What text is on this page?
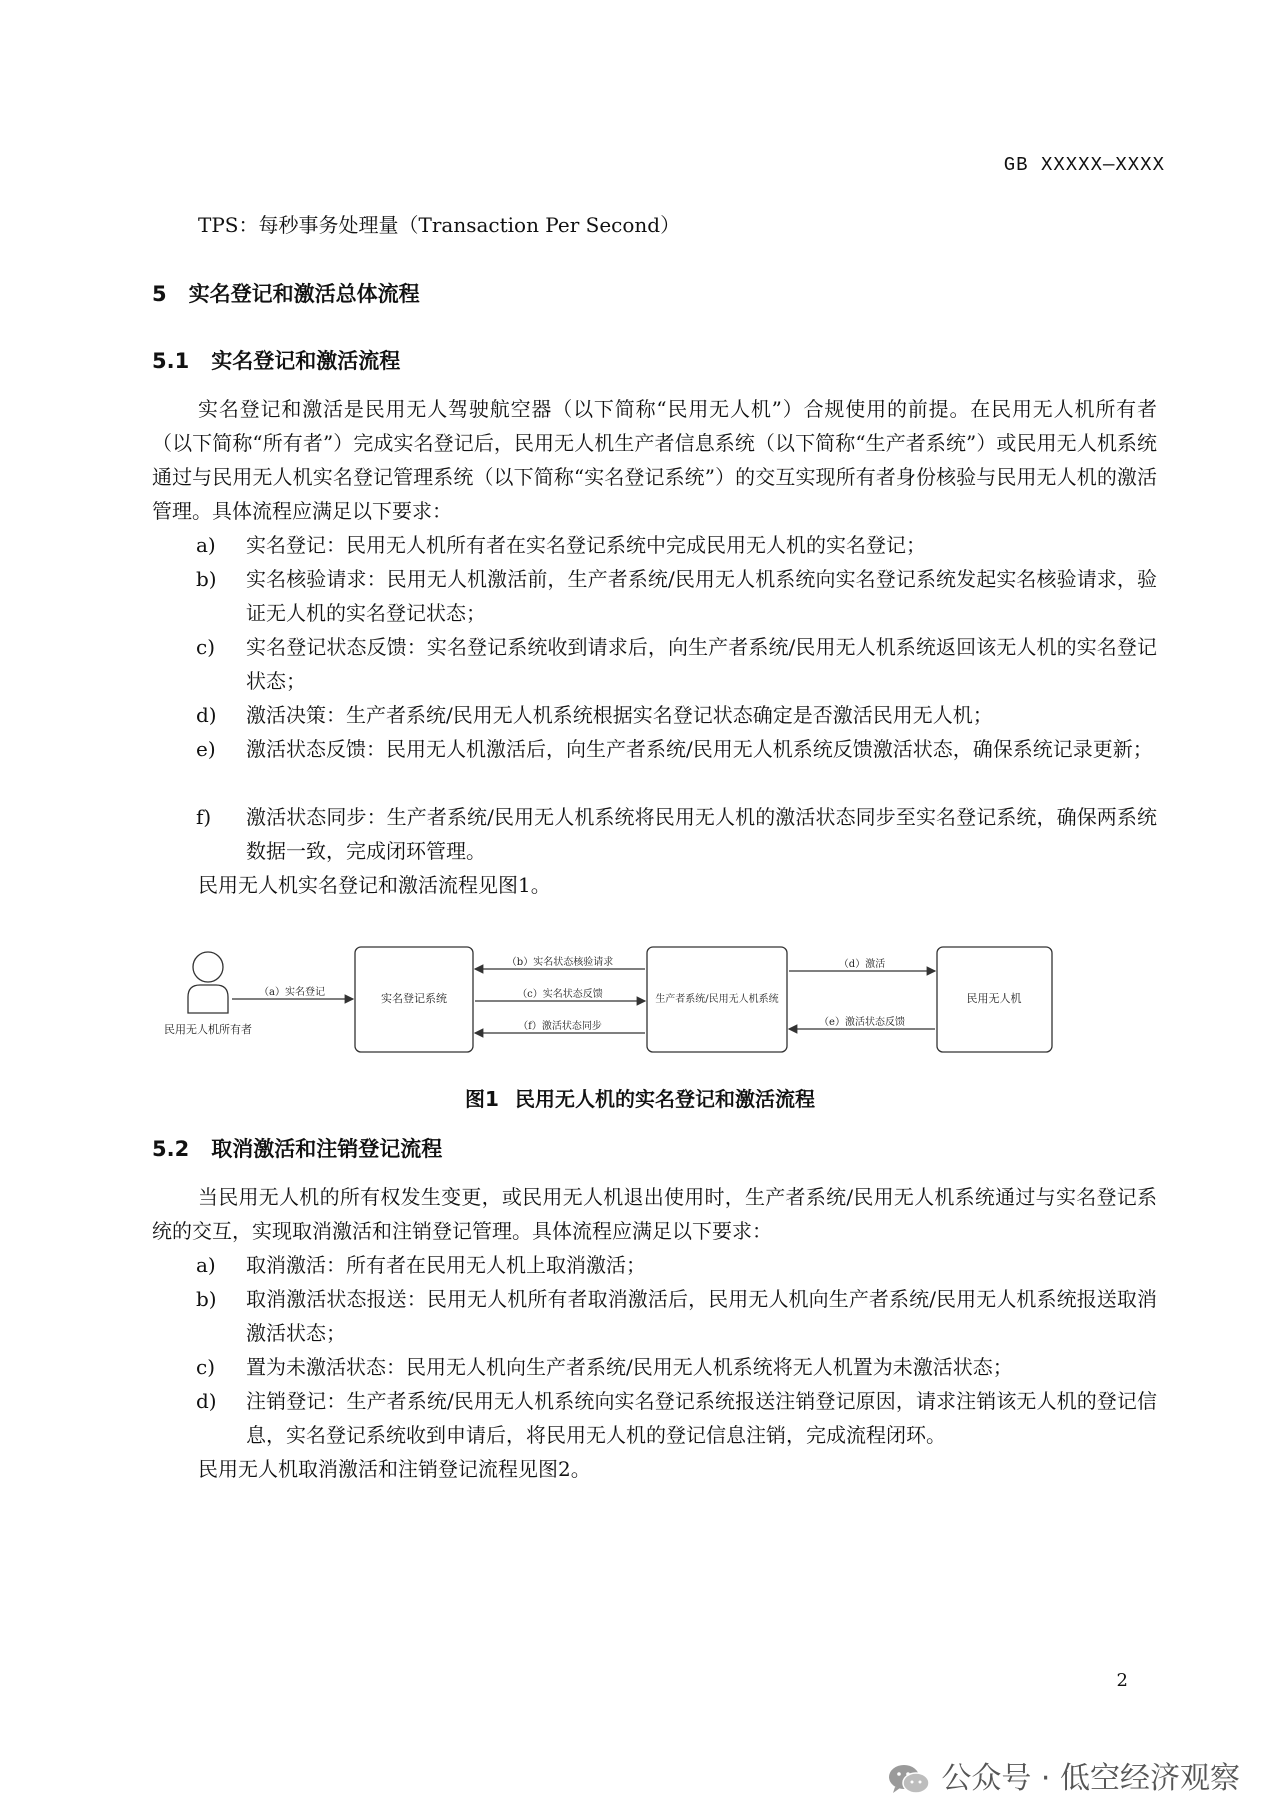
GB XXXXX—XXXX
TPS：每秒事务处理量（Transaction Per Second）
5 实名登记和激活总体流程
5.1 实名登记和激活流程
实名登记和激活是民用无人驾驶航空器（以下简称“民用无人机”）合规使用的前提。在民用无人机所有者（以下简称“所有者”）完成实名登记后，民用无人机生产者信息系统（以下简称“生产者系统”）或民用无人机系统通过与民用无人机实名登记管理系统（以下简称“实名登记系统”）的交互实现所有者身份核验与民用无人机的激活管理。具体流程应满足以下要求：
a) 实名登记：民用无人机所有者在实名登记系统中完成民用无人机的实名登记；
b) 实名核验请求：民用无人机激活前，生产者系统/民用无人机系统向实名登记系统发起实名核验请求，验证无人机的实名登记状态；
c) 实名登记状态反馈：实名登记系统收到请求后，向生产者系统/民用无人机系统返回该无人机的实名登记状态；
d) 激活决策：生产者系统/民用无人机系统根据实名登记状态确定是否激活民用无人机；
e) 激活状态反馈：民用无人机激活后，向生产者系统/民用无人机系统反馈激活状态，确保系统记录更新；
f) 激活状态同步：生产者系统/民用无人机系统将民用无人机的激活状态同步至实名登记系统，确保两系统数据一致，完成闭环管理。
民用无人机实名登记和激活流程见图1。
民用无人机所有者
（a）实名登记	实名登记系统
（b）实名状态核验请求
（c）实名状态反馈
（f）激活状态同步
生产者系统/民用无人机系统
（d）激活
（e）激活状态反馈
民用无人机
图1 民用无人机的实名登记和激活流程
5.2 取消激活和注销登记流程
当民用无人机的所有权发生变更，或民用无人机退出使用时，生产者系统/民用无人机系统通过与实名登记系统的交互，实现取消激活和注销登记管理。具体流程应满足以下要求：
a) 取消激活：所有者在民用无人机上取消激活；
b) 取消激活状态报送：民用无人机所有者取消激活后，民用无人机向生产者系统/民用无人机系统报送取消激活状态；
c) 置为未激活状态：民用无人机向生产者系统/民用无人机系统将无人机置为未激活状态；
d) 注销登记：生产者系统/民用无人机系统向实名登记系统报送注销登记原因，请求注销该无人机的登记信息，实名登记系统收到申请后，将民用无人机的登记信息注销，完成流程闭环。
民用无人机取消激活和注销登记流程见图2。
2
公众号 · 低空经济观察
